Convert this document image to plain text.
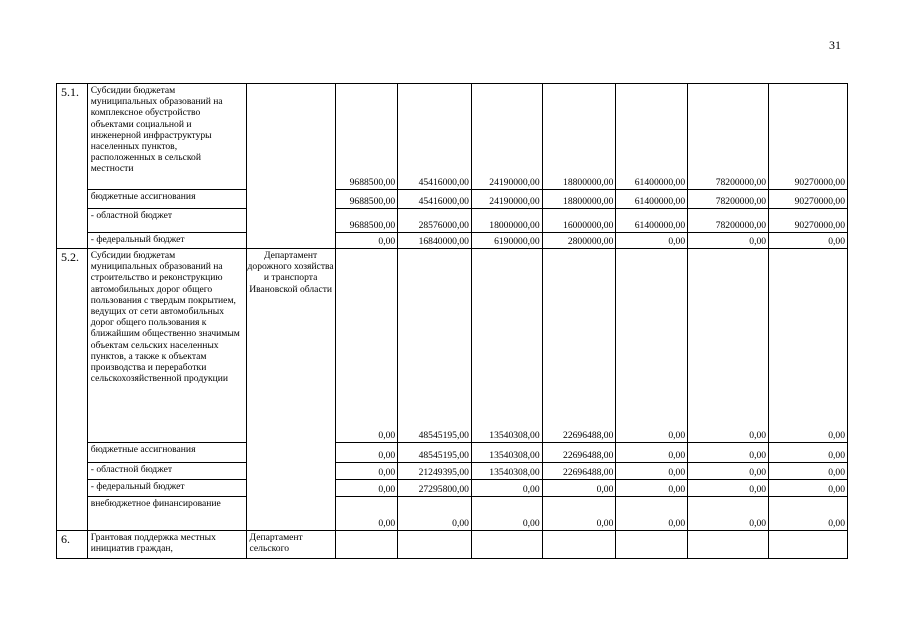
31
5.1.	Субсидии бюджетам муниципальных образований на комплексное обустройство объектами социальной и инженерной инфраструктуры населенных пунктов, расположенных в сельской местности		9688500,00	45416000,00	24190000,00	18800000,00	61400000,00	78200000,00	90270000,00
	бюджетные ассигнования		9688500,00	45416000,00	24190000,00	18800000,00	61400000,00	78200000,00	90270000,00
	- областной бюджет		9688500,00	28576000,00	18000000,00	16000000,00	61400000,00	78200000,00	90270000,00
	- федеральный бюджет		0,00	16840000,00	6190000,00	2800000,00	0,00	0,00	0,00
5.2.	Субсидии бюджетам муниципальных образований на строительство и реконструкцию автомобильных дорог общего пользования с твердым покрытием, ведущих от сети автомобильных дорог общего пользования к ближайшим общественно значимым объектам сельских населенных пунктов, а также к объектам производства и переработки сельскохозяйственной продукции	Департамент дорожного хозяйства и транспорта Ивановской области	0,00	48545195,00	13540308,00	22696488,00	0,00	0,00	0,00
	бюджетные ассигнования		0,00	48545195,00	13540308,00	22696488,00	0,00	0,00	0,00
	- областной бюджет		0,00	21249395,00	13540308,00	22696488,00	0,00	0,00	0,00
	- федеральный бюджет		0,00	27295800,00	0,00	0,00	0,00	0,00	0,00
	внебюджетное финансирование		0,00	0,00	0,00	0,00	0,00	0,00	0,00
6.	Грантовая поддержка местных инициатив граждан,	Департамент сельского							
